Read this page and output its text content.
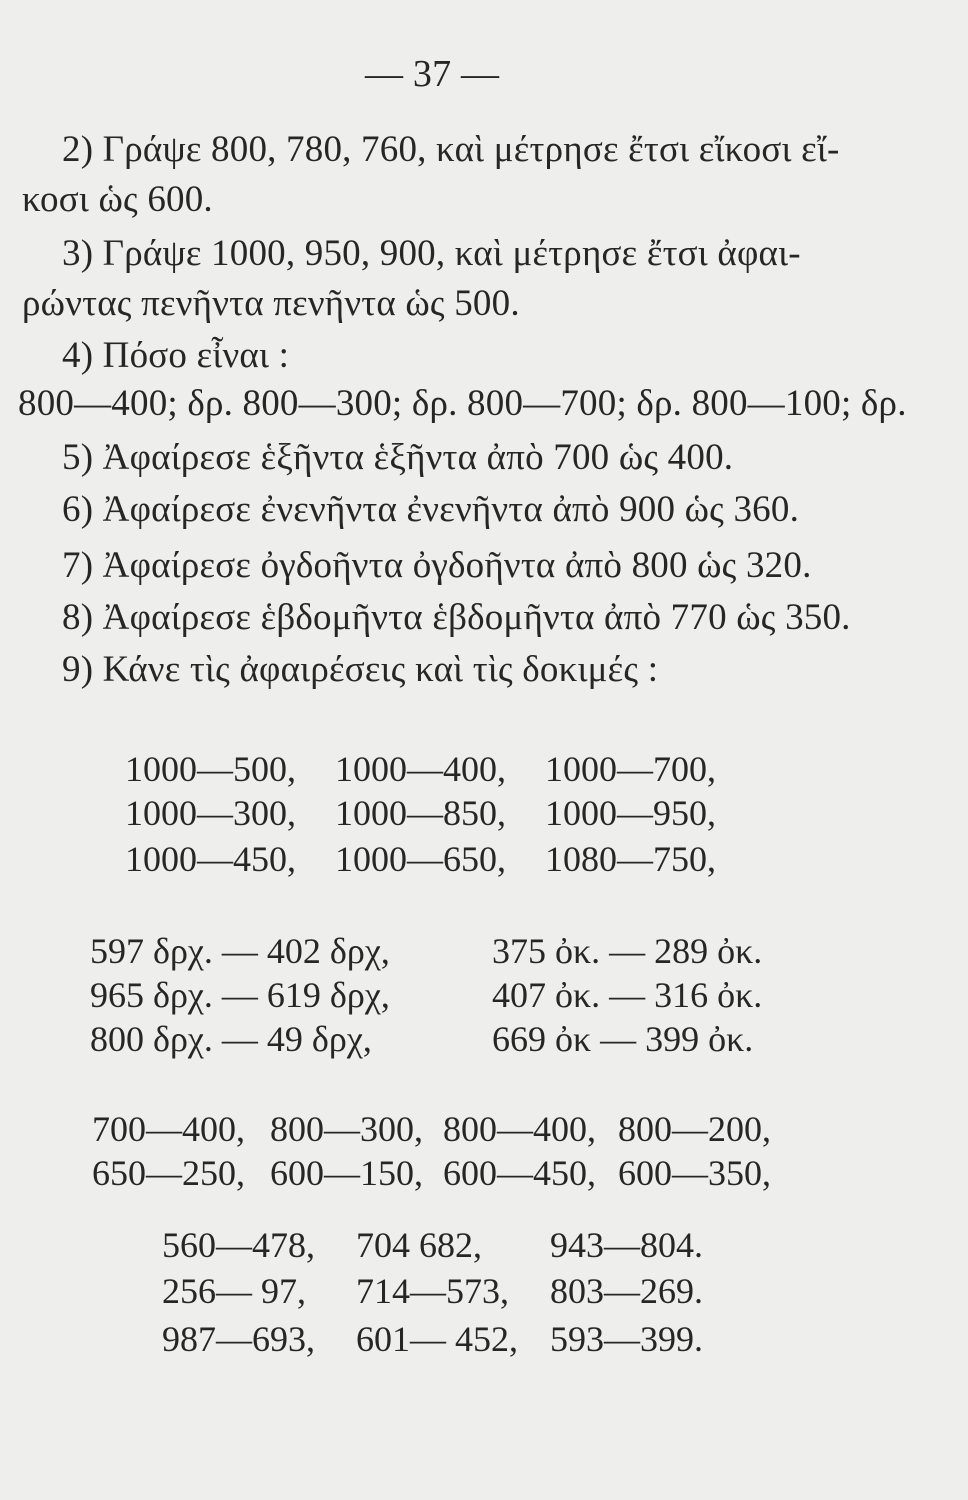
— 37 —
2) Γράψε 800, 780, 760, καὶ μέτρησε ἔτσι εἴκοσι εἴ-
κοσι ὡς 600.
3) Γράψε 1000, 950, 900, καὶ μέτρησε ἔτσι ἀφαι-
ρώντας πενῆντα πενῆντα ὡς 500.
4) Πόσο εἶναι :
800—400; δρ. 800—300; δρ. 800—700; δρ. 800—100; δρ.
5) Ἀφαίρεσε ἑξῆντα ἑξῆντα ἀπὸ 700 ὡς 400.
6) Ἀφαίρεσε ἐνενῆντα ἐνενῆντα ἀπὸ 900 ὡς 360.
7) Ἀφαίρεσε ὀγδοῆντα ὀγδοῆντα ἀπὸ 800 ὡς 320.
8) Ἀφαίρεσε ἑβδομῆντα ἑβδομῆντα ἀπὸ 770 ὡς 350.
9) Κάνε τὶς ἀφαιρέσεις καὶ τὶς δοκιμές :
1000—500, 1000—400, 1000—700,
1000—300, 1000—850, 1000—950,
1000—450, 1000—650, 1080—750,
597 δρχ. — 402 δρχ,	375 ὀκ. — 289 ὀκ.
965 δρχ. — 619 δρχ,	407 ὀκ. — 316 ὀκ.
800 δρχ. — 49 δρχ,	669 ὀκ — 399 ὀκ.
700—400, 800—300, 800—400, 800—200,
650—250, 600—150, 600—450, 600—350,
560—478, 704 682, 943—804.
256— 97, 714—573, 803—269.
987—693, 601— 452, 593—399.
